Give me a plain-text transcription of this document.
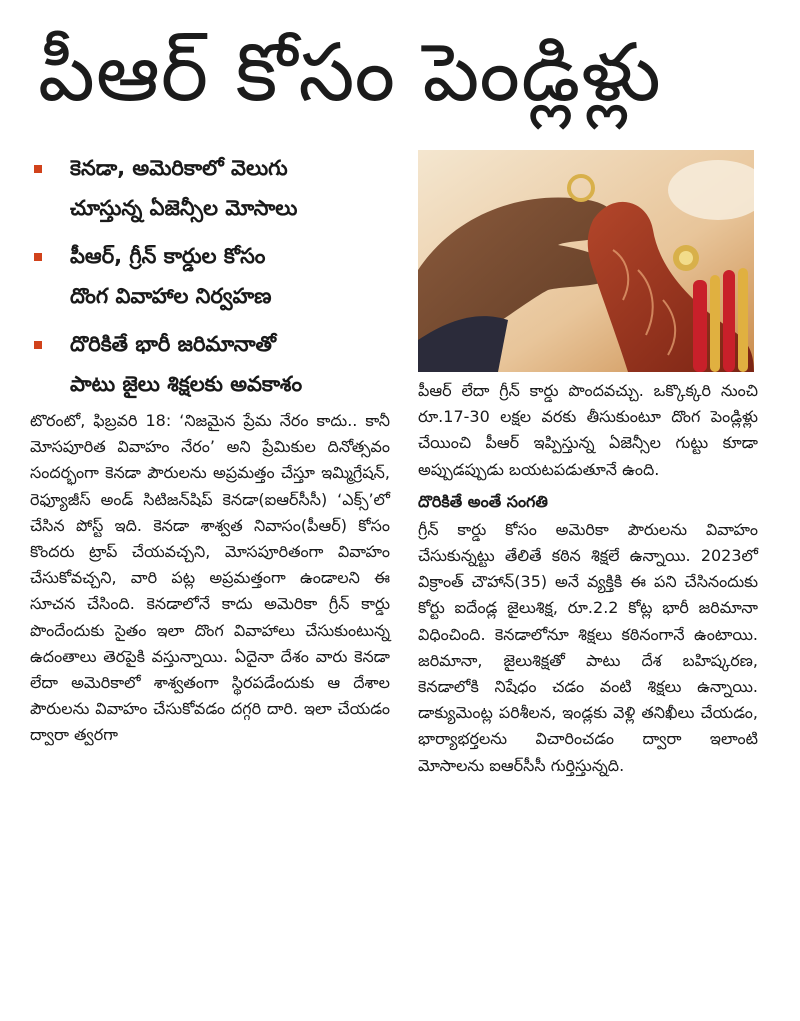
పీఆర్ కోసం పెండ్లిళ్లు
కెనడా, అమెరికాలో వెలుగు
చూస్తున్న ఏజెన్సీల మోసాలు
పీఆర్, గ్రీన్ కార్డుల కోసం
దొంగ వివాహాల నిర్వహణ
దొరికితే భారీ జరిమానాతో
పాటు జైలు శిక్షలకు అవకాశం

టొరంటో, ఫిబ్రవరి 18: ‘నిజమైన ప్రేమ నేరం కాదు.. కానీ మోసపూరిత వివాహం నేరం’ అని ప్రేమికుల దినోత్సవం సందర్భంగా కెనడా పౌరులను అప్రమత్తం చేస్తూ ఇమ్మిగ్రేషన్, రెఫ్యూజీస్ అండ్ సిటిజన్‌షిప్ కెనడా(ఐఆర్‌సీసీ) ‘ఎక్స్’లో చేసిన పోస్ట్ ఇది. కెనడా శాశ్వత నివాసం(పీఆర్) కోసం కొందరు ట్రాప్ చేయవచ్చని, మోసపూరితంగా వివాహం చేసుకోవచ్చని, వారి పట్ల అప్రమత్తంగా ఉండాలని ఈ సూచన చేసింది. కెనడాలోనే కాదు అమెరికా గ్రీన్ కార్డు పొందేందుకు సైతం ఇలా దొంగ వివాహాలు చేసుకుంటున్న ఉదంతాలు తెరపైకి వస్తున్నాయి. ఏదైనా దేశం వారు కెనడా లేదా అమెరికాలో శాశ్వతంగా స్థిరపడేందుకు ఆ దేశాల పౌరులను వివాహం చేసుకోవడం దగ్గరి దారి. ఇలా చేయడం ద్వారా త్వరగా

పీఆర్ లేదా గ్రీన్ కార్డు పొందవచ్చు. ఒక్కొక్కరి నుంచి రూ.17-30 లక్షల వరకు తీసుకుంటూ దొంగ పెండ్లిళ్లు చేయించి పీఆర్ ఇప్పిస్తున్న ఏజెన్సీల గుట్టు కూడా అప్పుడప్పుడు బయటపడుతూనే ఉంది.

దొరికితే అంతే సంగతి

గ్రీన్ కార్డు కోసం అమెరికా పౌరులను వివాహం చేసుకున్నట్టు తేలితే కఠిన శిక్షలే ఉన్నాయి. 2023లో విక్రాంత్ చౌహాన్(35) అనే వ్యక్తికి ఈ పని చేసినందుకు కోర్టు ఐదేండ్ల జైలుశిక్ష, రూ.2.2 కోట్ల భారీ జరిమానా విధించింది. కెనడాలోనూ శిక్షలు కఠినంగానే ఉంటాయి. జరిమానా, జైలుశిక్షతో పాటు దేశ బహిష్కరణ, కెనడాలోకి నిషేధం చడం వంటి శిక్షలు ఉన్నాయి. డాక్యుమెంట్ల పరిశీలన, ఇండ్లకు వెళ్లి తనిఖీలు చేయడం, భార్యాభర్తలను విచారించడం ద్వారా ఇలాంటి మోసాలను ఐఆర్‌సీసీ గుర్తిస్తున్నది.
